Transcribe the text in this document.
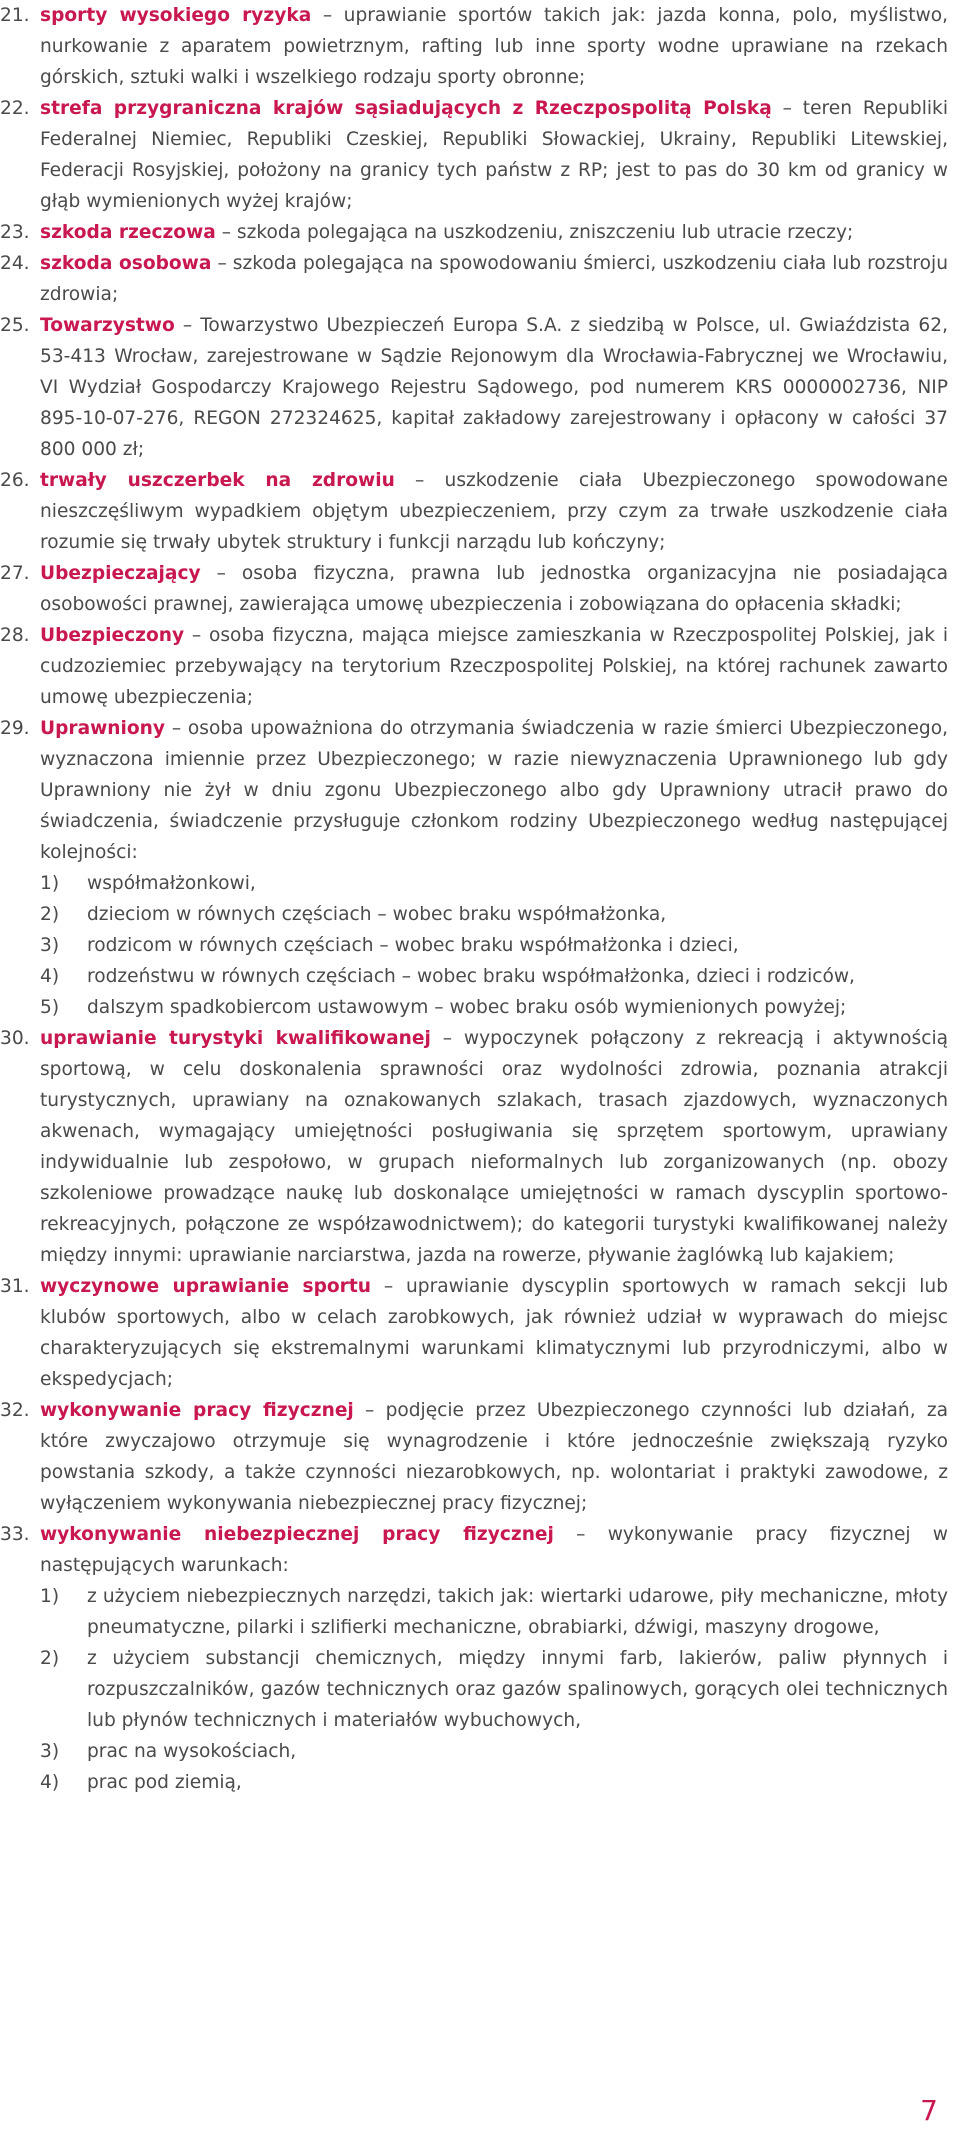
21. sporty wysokiego ryzyka – uprawianie sportów takich jak: jazda konna, polo, myślistwo, nurkowanie z aparatem powietrznym, rafting lub inne sporty wodne uprawiane na rzekach górskich, sztuki walki i wszelkiego rodzaju sporty obronne;
22. strefa przygraniczna krajów sąsiadujących z Rzeczpospolitą Polską – teren Republiki Federalnej Niemiec, Republiki Czeskiej, Republiki Słowackiej, Ukrainy, Republiki Litewskiej, Federacji Rosyjskiej, położony na granicy tych państw z RP; jest to pas do 30 km od granicy w głąb wymienionych wyżej krajów;
23. szkoda rzeczowa – szkoda polegająca na uszkodzeniu, zniszczeniu lub utracie rzeczy;
24. szkoda osobowa – szkoda polegająca na spowodowaniu śmierci, uszkodzeniu ciała lub rozstroju zdrowia;
25. Towarzystwo – Towarzystwo Ubezpieczeń Europa S.A. z siedzibą w Polsce, ul. Gwiaździsta 62, 53-413 Wrocław, zarejestrowane w Sądzie Rejonowym dla Wrocławia-Fabrycznej we Wrocławiu, VI Wydział Gospodarczy Krajowego Rejestru Sądowego, pod numerem KRS 0000002736, NIP 895-10-07-276, REGON 272324625, kapitał zakładowy zarejestrowany i opłacony w całości 37 800 000 zł;
26. trwały uszczerbek na zdrowiu – uszkodzenie ciała Ubezpieczonego spowodowane nieszczęśliwym wypadkiem objętym ubezpieczeniem, przy czym za trwałe uszkodzenie ciała rozumie się trwały ubytek struktury i funkcji narządu lub kończyny;
27. Ubezpieczający – osoba fizyczna, prawna lub jednostka organizacyjna nie posiadająca osobowości prawnej, zawierająca umowę ubezpieczenia i zobowiązana do opłacenia składki;
28. Ubezpieczony – osoba fizyczna, mająca miejsce zamieszkania w Rzeczpospolitej Polskiej, jak i cudzoziemiec przebywający na terytorium Rzeczpospolitej Polskiej, na której rachunek zawarto umowę ubezpieczenia;
29. Uprawniony – osoba upoważniona do otrzymania świadczenia w razie śmierci Ubezpieczonego, wyznaczona imiennie przez Ubezpieczonego; w razie niewyznaczenia Uprawnionego lub gdy Uprawniony nie żył w dniu zgonu Ubezpieczonego albo gdy Uprawniony utracił prawo do świadczenia, świadczenie przysługuje członkom rodziny Ubezpieczonego według następującej kolejności:
1) współmałżonkowi,
2) dzieciom w równych częściach – wobec braku współmałżonka,
3) rodzicom w równych częściach – wobec braku współmałżonka i dzieci,
4) rodzeństwu w równych częściach – wobec braku współmałżonka, dzieci i rodziców,
5) dalszym spadkobiercom ustawowym – wobec braku osób wymienionych powyżej;
30. uprawianie turystyki kwalifikowanej – wypoczynek połączony z rekreacją i aktywnością sportową, w celu doskonalenia sprawności oraz wydolności zdrowia, poznania atrakcji turystycznych, uprawiany na oznakowanych szlakach, trasach zjazdowych, wyznaczonych akwenach, wymagający umiejętności posługiwania się sprzętem sportowym, uprawiany indywidualnie lub zespołowo, w grupach nieformalnych lub zorganizowanych (np. obozy szkoleniowe prowadzące naukę lub doskonalące umiejętności w ramach dyscyplin sportowo-rekreacyjnych, połączone ze współzawodnictwem); do kategorii turystyki kwalifikowanej należy między innymi: uprawianie narciarstwa, jazda na rowerze, pływanie żaglówką lub kajakiem;
31. wyczynowe uprawianie sportu – uprawianie dyscyplin sportowych w ramach sekcji lub klubów sportowych, albo w celach zarobkowych, jak również udział w wyprawach do miejsc charakteryzujących się ekstremalnymi warunkami klimatycznymi lub przyrodniczymi, albo w ekspedycjach;
32. wykonywanie pracy fizycznej – podjęcie przez Ubezpieczonego czynności lub działań, za które zwyczajowo otrzymuje się wynagrodzenie i które jednocześnie zwiększają ryzyko powstania szkody, a także czynności niezarobkowych, np. wolontariat i praktyki zawodowe, z wyłączeniem wykonywania niebezpiecznej pracy fizycznej;
33. wykonywanie niebezpiecznej pracy fizycznej – wykonywanie pracy fizycznej w następujących warunkach:
1) z użyciem niebezpiecznych narzędzi, takich jak: wiertarki udarowe, piły mechaniczne, młoty pneumatyczne, pilarki i szlifierki mechaniczne, obrabiarki, dźwigi, maszyny drogowe,
2) z użyciem substancji chemicznych, między innymi farb, lakierów, paliw płynnych i rozpuszczalników, gazów technicznych oraz gazów spalinowych, gorących olei technicznych lub płynów technicznych i materiałów wybuchowych,
3) prac na wysokościach,
4) prac pod ziemią,
7
